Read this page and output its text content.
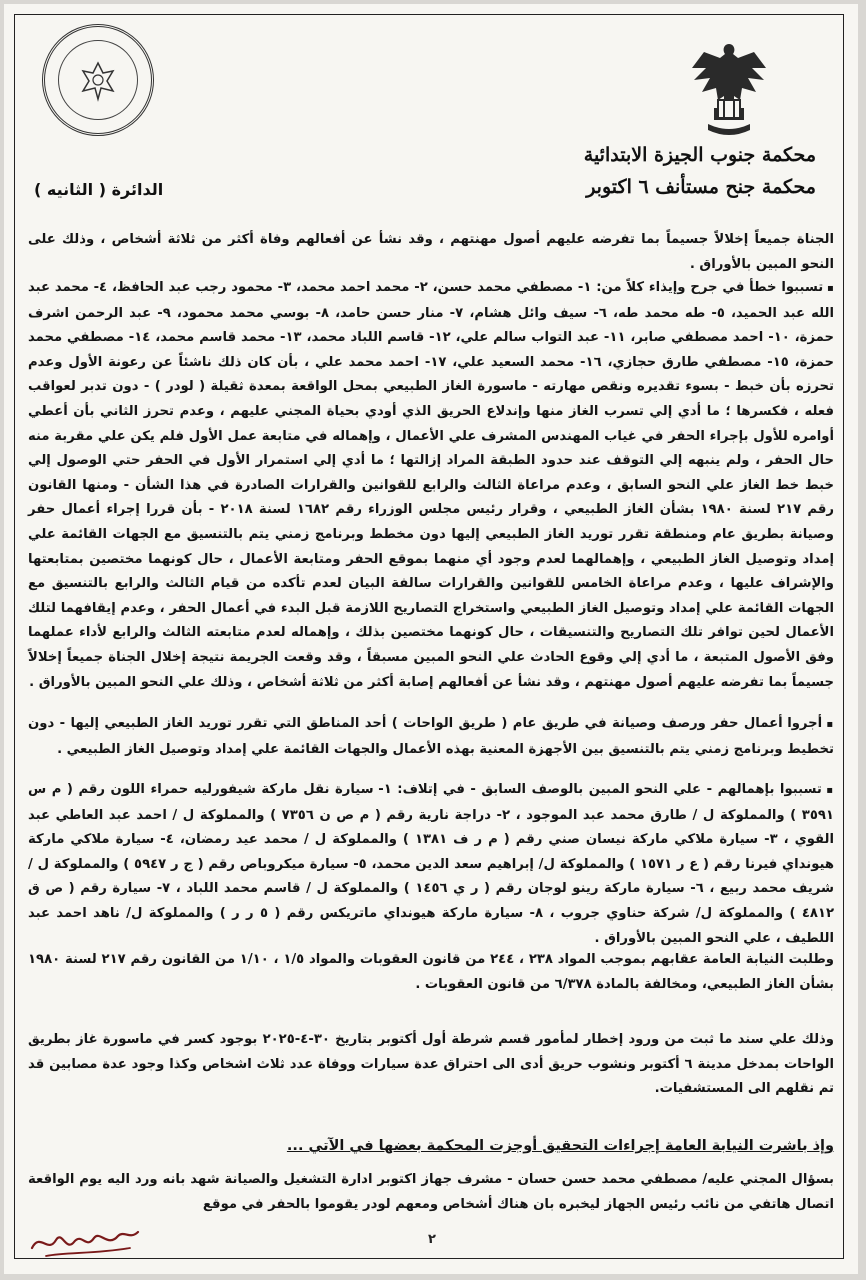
محكمة جنوب الجيزة الابتدائية
محكمة جنح مستأنف ٦ اكتوبر
الدائرة ( الثانيه )

الجناة جميعاً إخلالاً جسيماً بما تفرضه عليهم أصول مهنتهم ، وقد نشأ عن أفعالهم وفاة أكثر من ثلاثة أشخاص ، وذلك على النحو المبين بالأوراق .

▪ تسببوا خطأ في جرح وإيذاء كلاً من: ١- مصطفي محمد حسن، ٢- محمد احمد محمد، ٣- محمود رجب عبد الحافظ، ٤- محمد عبد الله عبد الحميد، ٥- طه محمد طه، ٦- سيف وائل هشام، ٧- منار حسن حامد، ٨- بوسي محمد محمود، ٩- عبد الرحمن اشرف حمزة، ١٠- احمد مصطفي صابر، ١١- عبد التواب سالم علي، ١٢- قاسم اللباد محمد، ١٣- محمد قاسم محمد، ١٤- مصطفي محمد حمزة، ١٥- مصطفي طارق حجازي، ١٦- محمد السعيد علي، ١٧- احمد محمد علي ، بأن كان ذلك ناشئاً عن رعونة الأول وعدم تحرزه بأن خبط - بسوء تقديره ونقص مهارته - ماسورة الغاز الطبيعي بمحل الواقعة بمعدة ثقيلة ( لودر ) - دون تدبر لعواقب فعله ، فكسرها ؛ ما أدي إلي تسرب الغاز منها وإندلاع الحريق الذي أودي بحياة المجني عليهم ، وعدم تحرز الثاني بأن أعطي أوامره للأول بإجراء الحفر في غياب المهندس المشرف علي الأعمال ، وإهماله في متابعة عمل الأول فلم يكن علي مقربة منه حال الحفر ، ولم ينبهه إلي التوقف عند حدود الطبقة المراد إزالتها ؛ ما أدي إلي استمرار الأول في الحفر حتي الوصول إلي خبط خط الغاز علي النحو السابق ، وعدم مراعاة الثالث والرابع للقوانين والقرارات الصادرة في هذا الشأن - ومنها القانون رقم ٢١٧ لسنة ١٩٨٠ بشأن الغاز الطبيعي ، وقرار رئيس مجلس الوزراء رقم ١٦٨٢ لسنة ٢٠١٨ - بأن قررا إجراء أعمال حفر وصيانة بطريق عام ومنطقة تقرر توريد الغاز الطبيعي إليها دون مخطط وبرنامج زمني يتم بالتنسيق مع الجهات القائمة علي إمداد وتوصيل الغاز الطبيعي ، وإهمالهما لعدم وجود أي منهما بموقع الحفر ومتابعة الأعمال ، حال كونهما مختصين بمتابعتها والإشراف عليها ، وعدم مراعاة الخامس للقوانين والقرارات سالفة البيان لعدم تأكده من قيام الثالث والرابع بالتنسيق مع الجهات القائمة علي إمداد وتوصيل الغاز الطبيعي واستخراج التصاريح اللازمة قبل البدء في أعمال الحفر ، وعدم إيقافهما لتلك الأعمال لحين توافر تلك التصاريح والتنسيقات ، حال كونهما مختصين بذلك ، وإهماله لعدم متابعته الثالث والرابع لأداء عملهما وفق الأصول المتبعة ، ما أدي إلي وقوع الحادث علي النحو المبين مسبقاً ، وقد وقعت الجريمة نتيجة إخلال الجناة جميعاً إخلالاً جسيماً بما تفرضه عليهم أصول مهنتهم ، وقد نشأ عن أفعالهم إصابة أكثر من ثلاثة أشخاص ، وذلك علي النحو المبين بالأوراق .

▪ أجروا أعمال حفر ورصف وصيانة في طريق عام ( طريق الواحات ) أحد المناطق التي تقرر توريد الغاز الطبيعي إليها - دون تخطيط وبرنامج زمني يتم بالتنسيق بين الأجهزة المعنية بهذه الأعمال والجهات القائمة علي إمداد وتوصيل الغاز الطبيعي .

▪ تسببوا بإهمالهم - علي النحو المبين بالوصف السابق - في إتلاف: ١- سيارة نقل ماركة شيفورليه حمراء اللون رقم ( م س ٣٥٩١ ) والمملوكة ل / طارق محمد عبد الموجود ، ٢- دراجة نارية رقم ( م ص ن ٧٣٥٦ ) والمملوكة ل / احمد عبد العاطي عبد القوي ، ٣- سيارة ملاكي ماركة نيسان صني رقم ( م ر ف ١٣٨١ ) والمملوكة ل / محمد عيد رمضان، ٤- سيارة ملاكي ماركة هيونداي فيرنا رقم ( ع ر ١٥٧١ ) والمملوكة ل/ إبراهيم سعد الدين محمد، ٥- سيارة ميكروباص رقم ( ج ر ٥٩٤٧ ) والمملوكة ل / شريف محمد ربيع ، ٦- سيارة ماركة رينو لوجان رقم ( ر ي ١٤٥٦ ) والمملوكة ل / قاسم محمد اللباد ، ٧- سيارة رقم ( ص ق ٤٨١٢ ) والمملوكة ل/ شركة حناوي جروب ، ٨- سيارة ماركة هيونداي ماتريكس رقم ( ٥ ر ر ) والمملوكة ل/ ناهد احمد عبد اللطيف ، علي النحو المبين بالأوراق .

وطلبت النيابة العامة عقابهم بموجب المواد ٢٣٨ ، ٢٤٤ من قانون العقوبات والمواد ١/٥ ، ١/١٠ من القانون رقم ٢١٧ لسنة ١٩٨٠ بشأن الغاز الطبيعي، ومخالفة بالمادة ٦/٣٧٨ من قانون العقوبات .

وذلك علي سند ما ثبت من ورود إخطار لمأمور قسم شرطة أول أكتوبر بتاريخ ٣٠-٤-٢٠٢٥ بوجود كسر في ماسورة غاز بطريق الواحات بمدخل مدينة ٦ أكتوبر ونشوب حريق أدى الى احتراق عدة سيارات ووفاة عدد ثلاث اشخاص وكذا وجود عدة مصابين قد تم نقلهم الى المستشفيات.

وإذ باشرت النيابة العامة إجراءات التحقيق أوجزت المحكمة بعضها في الآتي ...

بسؤال المجني عليه/ مصطفي محمد حسن حسان - مشرف جهاز اكتوبر ادارة التشغيل والصيانة شهد بانه ورد اليه يوم الواقعة اتصال هاتفي من نائب رئيس الجهاز ليخبره بان هناك أشخاص ومعهم لودر يقوموا بالحفر في موقع

٢
